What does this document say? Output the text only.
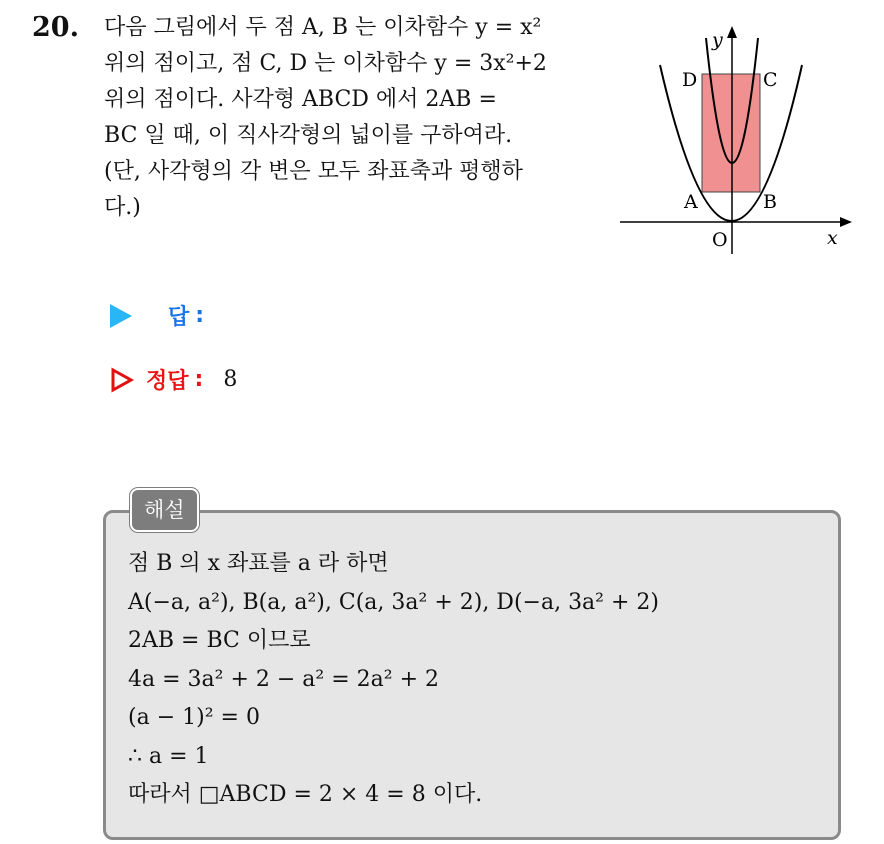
20. 다음 그림에서 두 점 A, B 는 이차함수 y = x²
위의 점이고, 점 C, D 는 이차함수 y = 3x²+2
위의 점이다. 사각형 ABCD 에서 2AB =
BC 일 때, 이 직사각형의 넓이를 구하여라.
(단, 사각형의 각 변은 모두 좌표축과 평행하
다.)
y
x
O
D	C
A	B
답 :
정답 : 8
해설
점 B 의 x 좌표를 a 라 하면
A(−a, a²), B(a, a²), C(a, 3a² + 2), D(−a, 3a² + 2)
2AB = BC 이므로
4a = 3a² + 2 − a² = 2a² + 2
(a − 1)² = 0
∴ a = 1
따라서 □ABCD = 2 × 4 = 8 이다.
